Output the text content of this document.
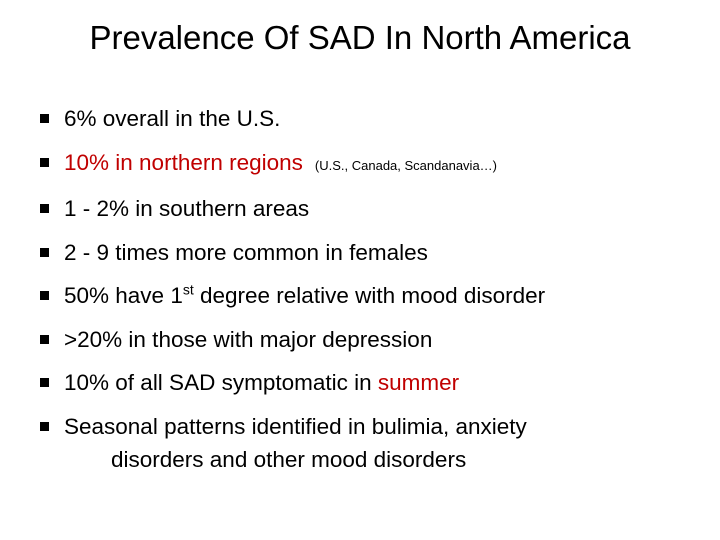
Prevalence Of SAD In North America
6% overall in the U.S.
10% in northern regions (U.S., Canada, Scandanavia…)
1 - 2% in southern areas
2 - 9 times more common in females
50% have 1st degree relative with mood disorder
>20% in those with major depression
10% of all SAD symptomatic in summer
Seasonal patterns identified in bulimia, anxiety
disorders and other mood disorders
